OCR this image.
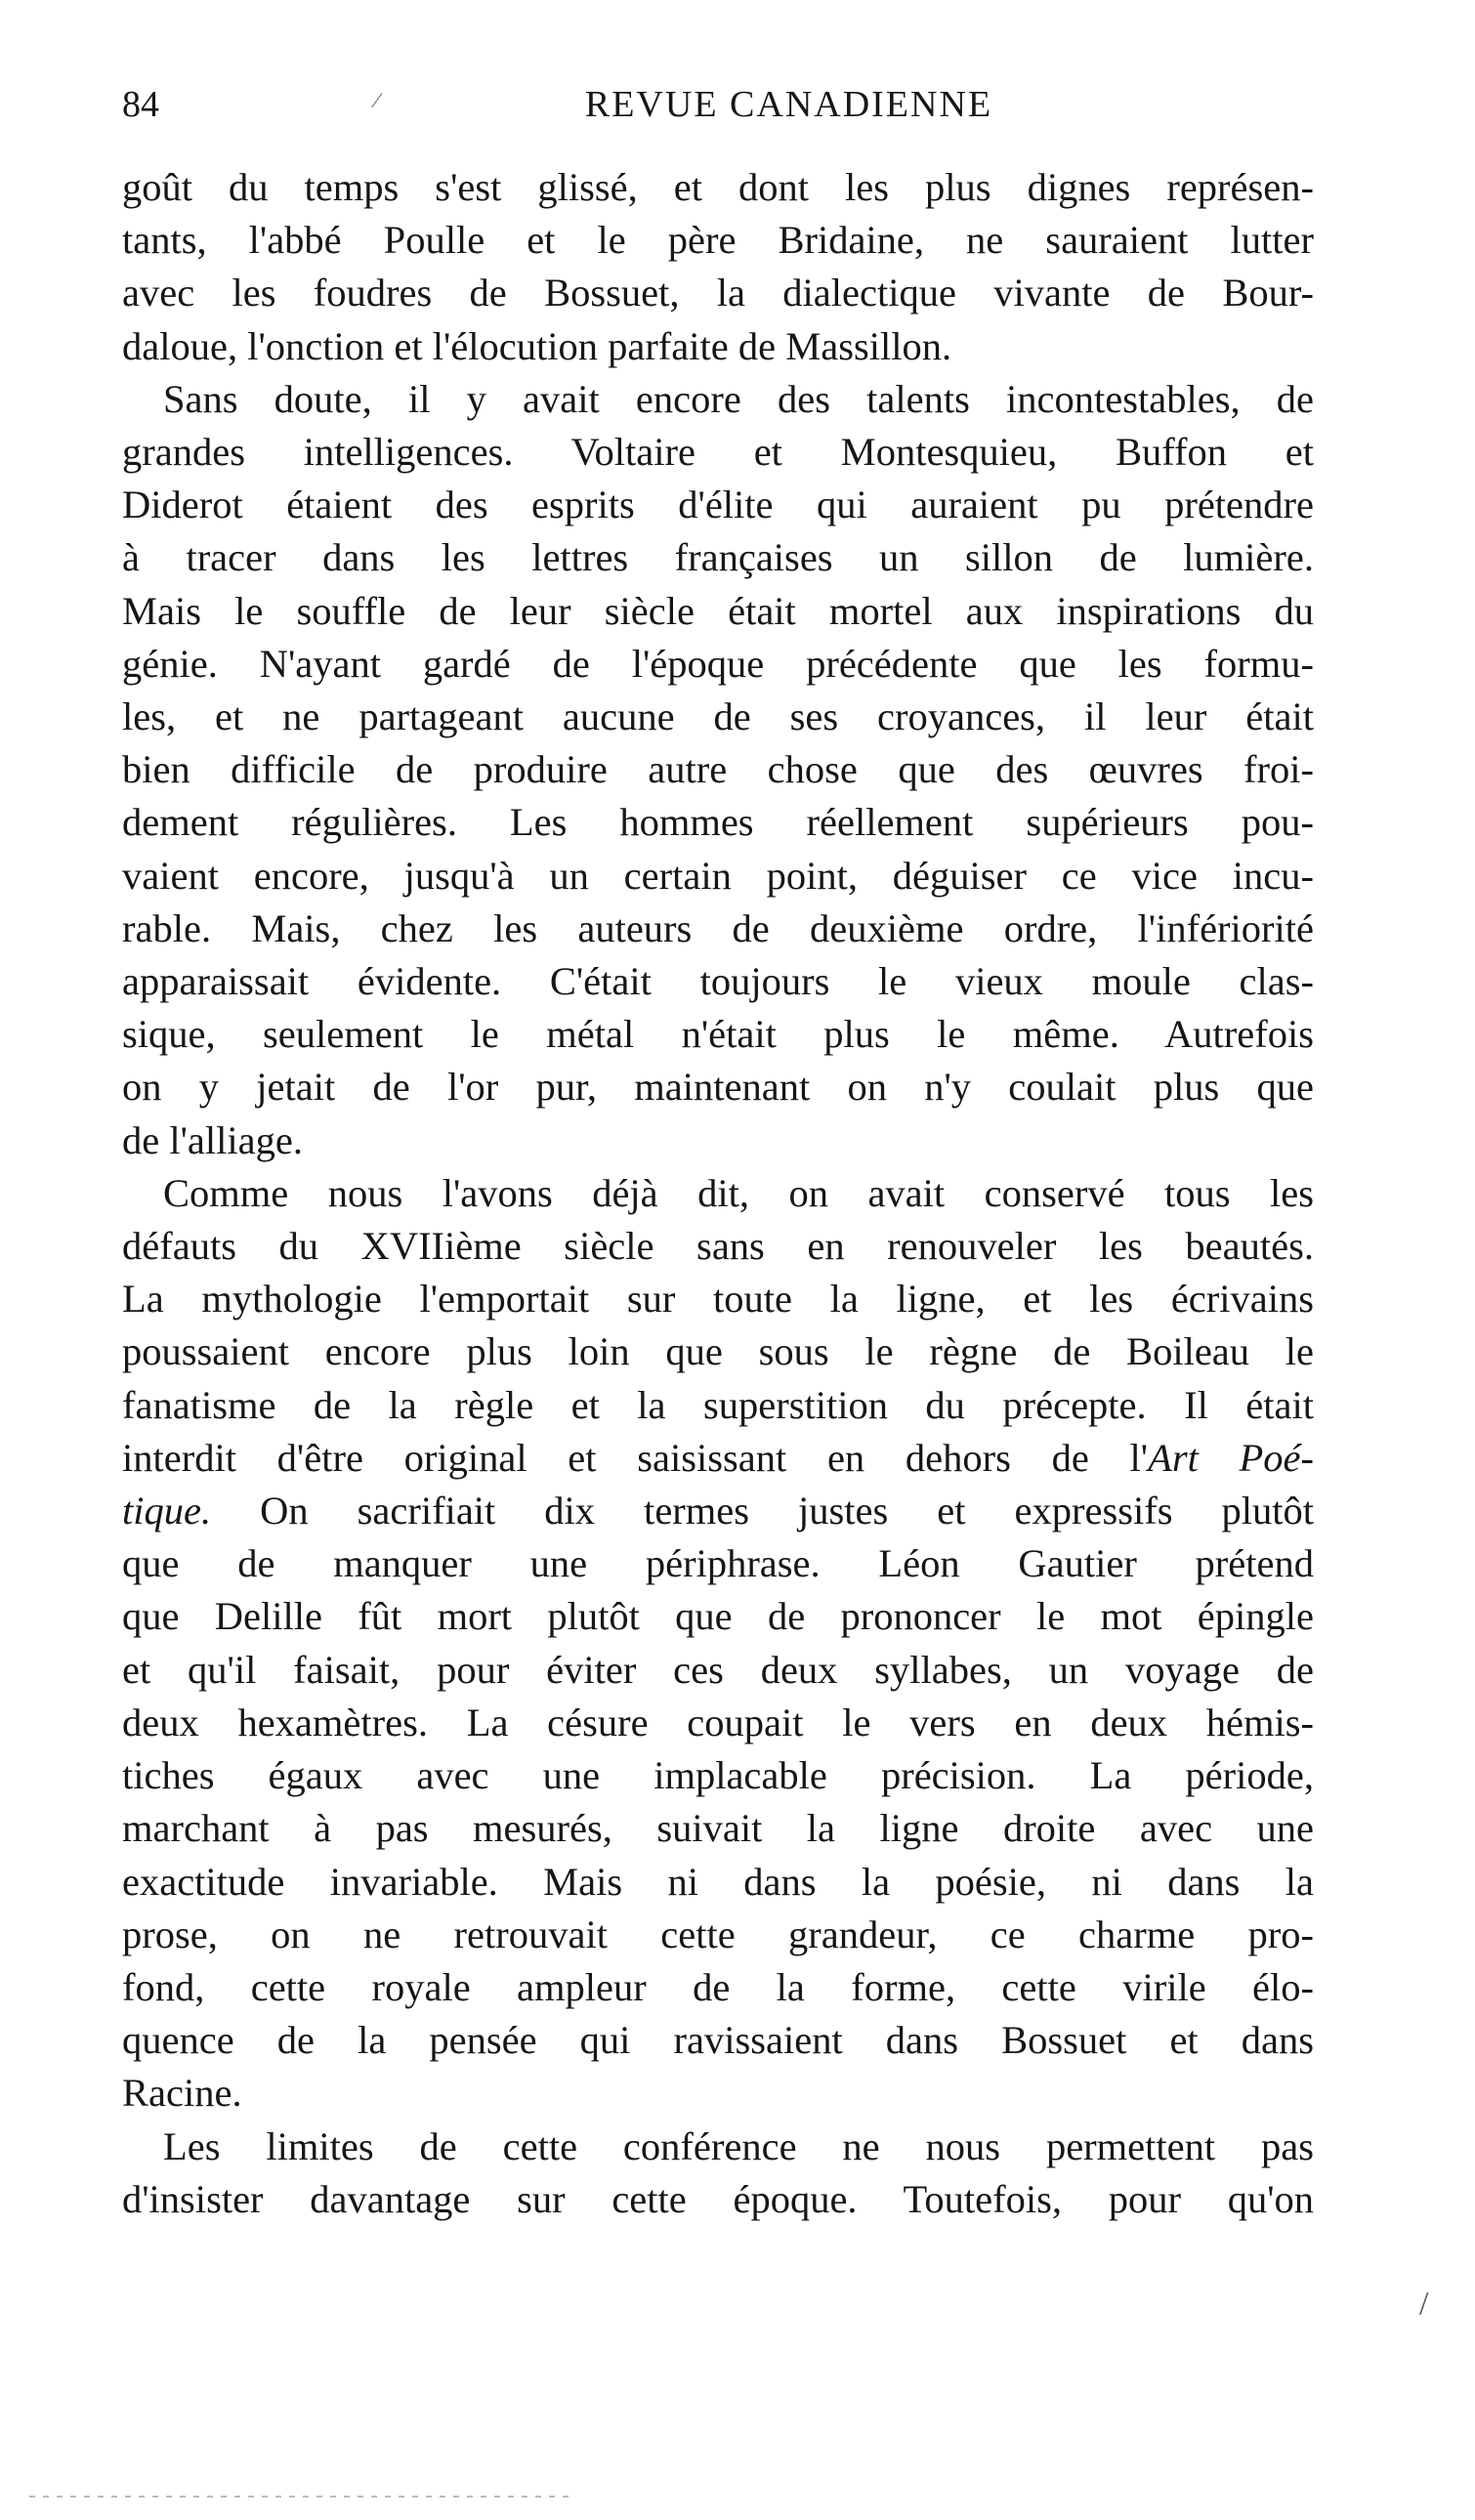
84	REVUE CANADIENNE
⁄

goût du temps s'est glissé, et dont les plus dignes représen-
tants, l'abbé Poulle et le père Bridaine, ne sauraient lutter
avec les foudres de Bossuet, la dialectique vivante de Bour-
daloue, l'onction et l'élocution parfaite de Massillon.

Sans doute, il y avait encore des talents incontestables, de
grandes intelligences. Voltaire et Montesquieu, Buffon et
Diderot étaient des esprits d'élite qui auraient pu prétendre
à tracer dans les lettres françaises un sillon de lumière.
Mais le souffle de leur siècle était mortel aux inspirations du
génie. N'ayant gardé de l'époque précédente que les formu-
les, et ne partageant aucune de ses croyances, il leur était
bien difficile de produire autre chose que des œuvres froi-
dement régulières. Les hommes réellement supérieurs pou-
vaient encore, jusqu'à un certain point, déguiser ce vice incu-
rable. Mais, chez les auteurs de deuxième ordre, l'infériorité
apparaissait évidente. C'était toujours le vieux moule clas-
sique, seulement le métal n'était plus le même. Autrefois
on y jetait de l'or pur, maintenant on n'y coulait plus que
de l'alliage.

Comme nous l'avons déjà dit, on avait conservé tous les
défauts du XVIIième siècle sans en renouveler les beautés.
La mythologie l'emportait sur toute la ligne, et les écrivains
poussaient encore plus loin que sous le règne de Boileau le
fanatisme de la règle et la superstition du précepte. Il était
interdit d'être original et saisissant en dehors de l'Art Poé-
tique. On sacrifiait dix termes justes et expressifs plutôt
que de manquer une périphrase. Léon Gautier prétend
que Delille fût mort plutôt que de prononcer le mot épingle
et qu'il faisait, pour éviter ces deux syllabes, un voyage de
deux hexamètres. La césure coupait le vers en deux hémis-
tiches égaux avec une implacable précision. La période,
marchant à pas mesurés, suivait la ligne droite avec une
exactitude invariable. Mais ni dans la poésie, ni dans la
prose, on ne retrouvait cette grandeur, ce charme pro-
fond, cette royale ampleur de la forme, cette virile élo-
quence de la pensée qui ravissaient dans Bossuet et dans
Racine.

Les limites de cette conférence ne nous permettent pas
d'insister davantage sur cette époque. Toutefois, pour qu'on

/
